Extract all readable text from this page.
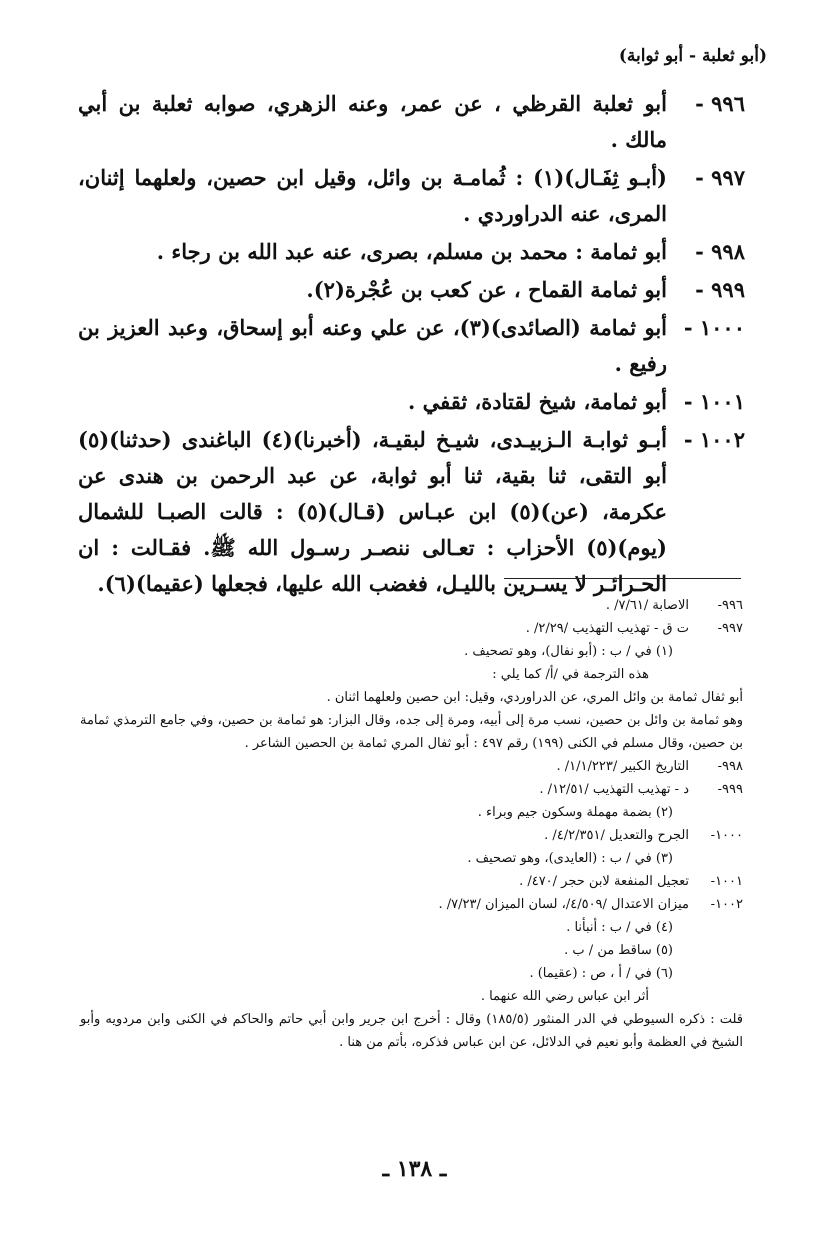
(أبو ثعلبة - أبو ثوابة)
٩٩٦ -
أبو ثعلبة القرظي ، عن عمر، وعنه الزهري، صوابه ثعلبة بن أبي مالك .
٩٩٧ -
(أبـو ثِفَـال)(١) : ثُمامـة بن وائل، وقيل ابن حصين، ولعلهما إثنان، المرى، عنه الدراوردي .
٩٩٨ -
أبو ثمامة : محمد بن مسلم، بصرى، عنه عبد الله بن رجاء .
٩٩٩ -
أبو ثمامة القماح ، عن كعب بن عُجْرة(٢).
١٠٠٠ -
أبو ثمامة (الصائدى)(٣)، عن علي وعنه أبو إسحاق، وعبد العزيز بن رفيع .
١٠٠١ -
أبو ثمامة، شيخ لقتادة، ثقفي .
١٠٠٢ -
أبـو ثوابـة الـزبيـدى، شيـخ لبقيـة، (أخبرنا)(٤) الباغندى (حدثنا)(٥) أبو التقى، ثنا بقية، ثنا أبو ثوابة، عن عبد الرحمن بن هندى عن عكرمة، (عن)(٥) ابن عبـاس (قـال)(٥) : قالت الصبـا للشمال (يوم)(٥) الأحزاب : تعـالى ننصـر رسـول الله ﷺ. فقـالت : ان الحـرائـر لا يسـرين بالليـل، فغضب الله عليها، فجعلها (عقيما)(٦).
٩٩٦-
الاصابة /٧/٦١/ .
٩٩٧-
ت ق - تهذيب التهذيب /٢/٢٩/ .
(١) في / ب : (أبو نفال)، وهو تصحيف .
هذه الترجمة في /أ/ كما يلي :
أبو ثفال ثمامة بن وائل المري، عن الدراوردي، وقيل: ابن حصين ولعلهما اثنان .
وهو ثمامة بن وائل بن حصين، نسب مرة إلى أبيه، ومرة إلى جده، وقال البزار: هو ثمامة بن حصين، وفي جامع الترمذي ثمامة بن حصين، وقال مسلم في الكنى (١٩٩) رقم ٤٩٧ : أبو ثفال المري ثمامة بن الحصين الشاعر .
٩٩٨-
التاريخ الكبير /١/١/٢٢٣/ .
٩٩٩-
د - تهذيب التهذيب /١٢/٥١/ .
(٢) بضمة مهملة وسكون جيم وبراء .
١٠٠٠-
الجرح والتعديل /٤/٢/٣٥١/ .
(٣) في / ب : (العايدى)، وهو تصحيف .
١٠٠١-
تعجيل المنفعة لابن حجر /٤٧٠/ .
١٠٠٢-
ميزان الاعتدال /٤/٥٠٩/، لسان الميزان /٧/٢٣/ .
(٤) في / ب : أنبأنا .
(٥) ساقط من / ب .
(٦) في / أ ، ص : (عقيما) .
أثر ابن عباس رضي الله عنهما .
قلت : ذكره السيوطي في الدر المنثور (١٨٥/٥) وقال : أخرج ابن جرير وابن أبي حاتم والحاكم في الكنى وابن مردويه وأبو الشيخ في العظمة وأبو نعيم في الدلائل، عن ابن عباس فذكره، بأتم من هنا .
ـ ١٣٨ ـ
